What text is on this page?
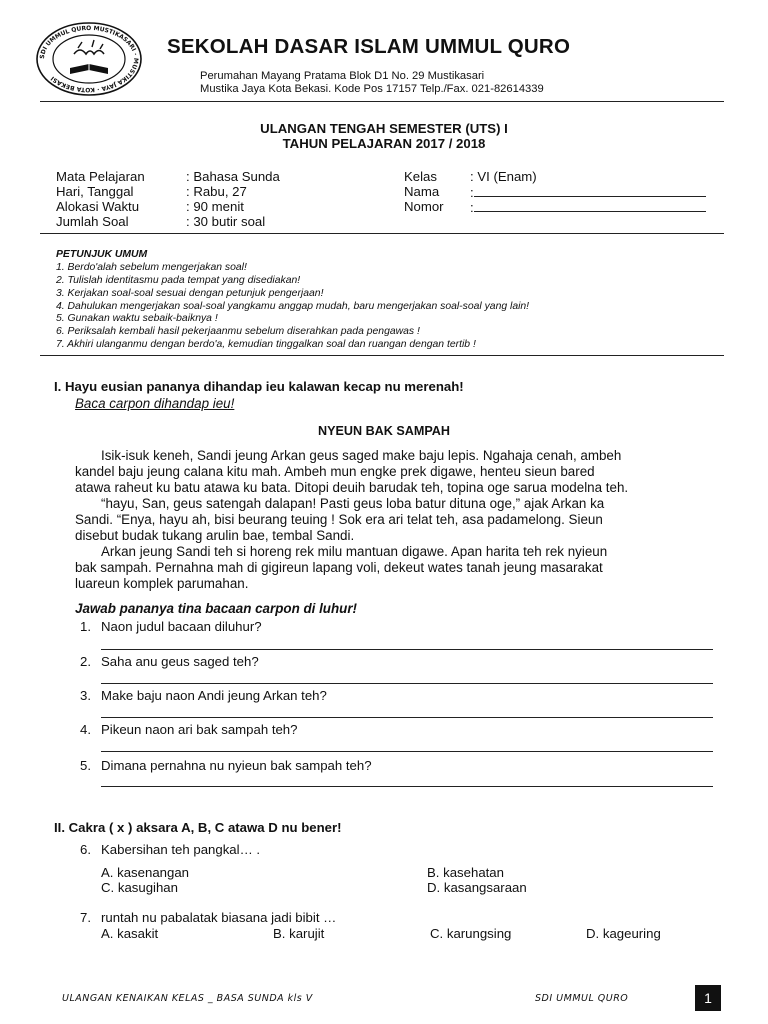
SDI UMMUL QURO MUSTIKASARI · MUSTIKA JAYA · KOTA BEKASI
SEKOLAH DASAR ISLAM UMMUL QURO
Perumahan Mayang Pratama Blok D1 No. 29 Mustikasari
Mustika Jaya Kota Bekasi. Kode Pos 17157 Telp./Fax. 021-82614339
ULANGAN TENGAH SEMESTER (UTS) I
TAHUN PELAJARAN 2017 / 2018
Mata Pelajaran	: Bahasa Sunda
Hari, Tanggal	: Rabu, 27
Alokasi Waktu	: 90 menit
Jumlah Soal	: 30 butir soal
Kelas	: VI (Enam)
Nama :
Nomor :
PETUNJUK UMUM
1. Berdo'alah sebelum mengerjakan soal!
2. Tulislah identitasmu pada tempat yang disediakan!
3. Kerjakan soal-soal sesuai dengan petunjuk pengerjaan!
4. Dahulukan mengerjakan soal-soal yangkamu anggap mudah, baru mengerjakan soal-soal yang lain!
5. Gunakan waktu sebaik-baiknya !
6. Periksalah kembali hasil pekerjaanmu sebelum diserahkan pada pengawas !
7. Akhiri ulanganmu dengan berdo'a, kemudian tinggalkan soal dan ruangan dengan tertib !
I. Hayu eusian pananya dihandap ieu kalawan kecap nu merenah!
Baca carpon dihandap ieu!
NYEUN BAK SAMPAH
Isik-isuk keneh, Sandi jeung Arkan geus saged make baju lepis. Ngahaja cenah, ambeh
kandel baju jeung calana kitu mah. Ambeh mun engke prek digawe, henteu sieun bared
atawa raheut ku batu atawa ku bata. Ditopi deuih barudak teh, topina oge sarua modelna teh.
“hayu, San, geus satengah dalapan! Pasti geus loba batur dituna oge,” ajak Arkan ka
Sandi. “Enya, hayu ah, bisi beurang teuing ! Sok era ari telat teh, asa padamelong. Sieun
disebut budak tukang arulin bae, tembal Sandi.
Arkan jeung Sandi teh si horeng rek milu mantuan digawe. Apan harita teh rek nyieun
bak sampah. Pernahna mah di gigireun lapang voli, dekeut wates tanah jeung masarakat
luareun komplek parumahan.
Jawab pananya tina bacaan carpon di luhur!
1. Naon judul bacaan diluhur?
2. Saha anu geus saged teh?
3. Make baju naon Andi jeung Arkan teh?
4. Pikeun naon ari bak sampah teh?
5. Dimana pernahna nu nyieun bak sampah teh?
II. Cakra ( x ) aksara A, B, C atawa D nu bener!
6. Kabersihan teh pangkal… .
A. kasenangan	B. kasehatan
C. kasugihan	D. kasangsaraan
7. runtah nu pabalatak biasana jadi bibit …
A. kasakit	B. karujit	C. karungsing	D. kageuring
ULANGAN KENAIKAN KELAS _ BASA SUNDA kls V	SDI UMMUL QURO	1
